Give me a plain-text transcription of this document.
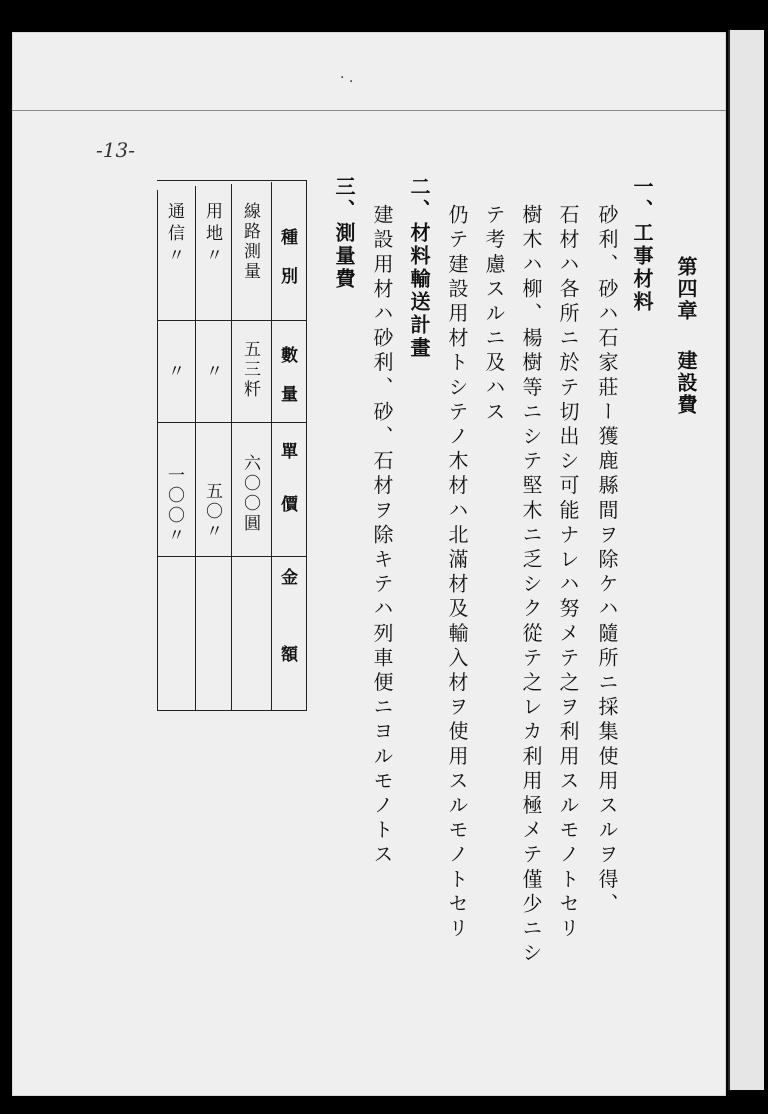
· .
第四章建設費
一、工事材料
砂利、砂ハ石家莊ー獲鹿縣間ヲ除ケハ隨所ニ採集使用スルヲ得、
石材ハ各所ニ於テ切出シ可能ナレハ努メテ之ヲ利用スルモノトセリ
樹木ハ柳、楊樹等ニシテ堅木ニ乏シク從テ之レカ利用極メテ僅少ニシ
テ考慮スルニ及ハス
仍テ建設用材トシテノ木材ハ北滿材及輸入材ヲ使用スルモノトセリ
二、材料輸送計畫
建設用材ハ砂利、砂、石材ヲ除キテハ列車便ニヨルモノトス
三、測量費
-13-
種別
數量
單價
金額
線路測量
五三粁
六〇〇圓
用地〃
〃
五〇〃
通信〃
〃
一〇〇〃
